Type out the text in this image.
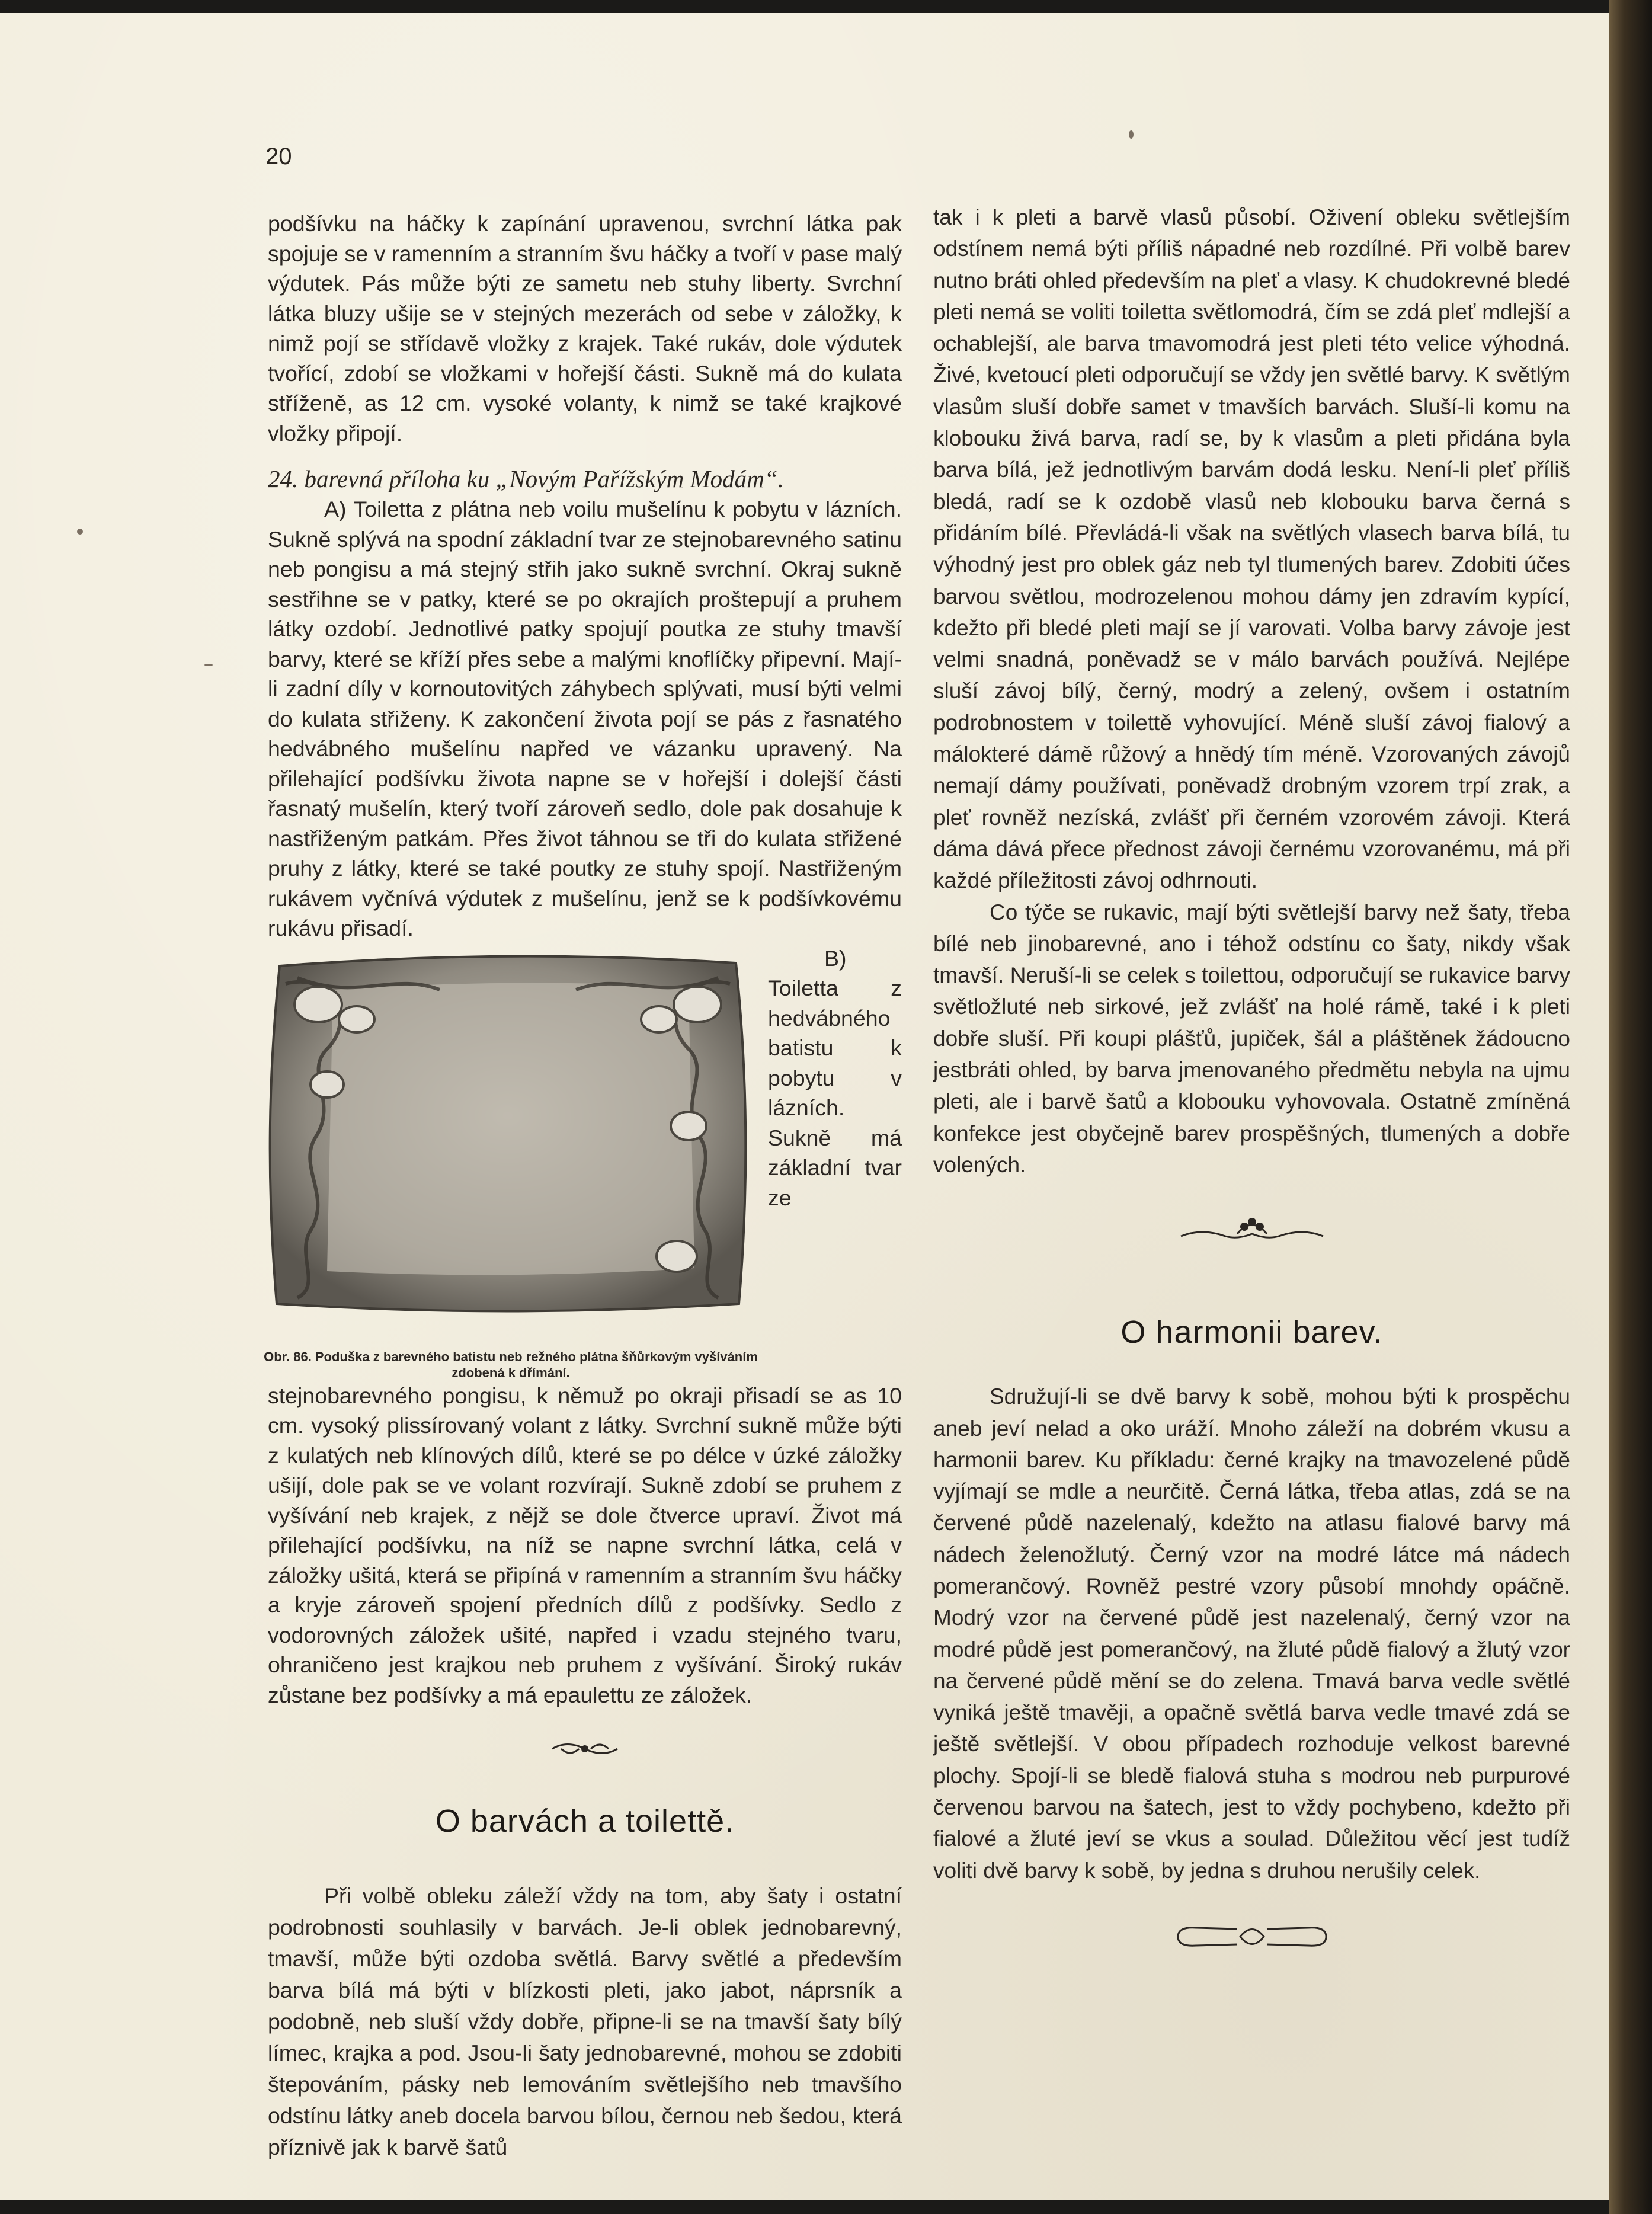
20

podšívku na háčky k zapínání upravenou, svrchní látka pak spojuje se v ramenním a stranním švu háčky a tvoří v pase malý výdutek. Pás může býti ze sametu neb stuhy liberty. Svrchní látka bluzy ušije se v stejných mezerách od sebe v záložky, k nimž pojí se střídavě vložky z krajek. Také rukáv, dole výdutek tvořící, zdobí se vložkami v hořejší části. Sukně má do kulata stříženě, as 12 cm. vysoké volanty, k nimž se také krajkové vložky připojí.

24. barevná příloha ku „Novým Pařížským Modám“.

A) Toiletta z plátna neb voilu mušelínu k pobytu v lázních. Sukně splývá na spodní základní tvar ze stejnobarevného satinu neb pongisu a má stejný střih jako sukně svrchní. Okraj sukně sestřihne se v patky, které se po okrajích proštepují a pruhem látky ozdobí. Jednotlivé patky spojují poutka ze stuhy tmavší barvy, které se kříží přes sebe a malými knoflíčky připevní. Mají-li zadní díly v kornoutovitých záhybech splývati, musí býti velmi do kulata střiženy. K zakončení života pojí se pás z řasnatého hedvábného mušelínu napřed ve vázanku upravený. Na přilehající podšívku života napne se v hořejší i dolejší části řasnatý mušelín, který tvoří zároveň sedlo, dole pak dosahuje k nastřiženým patkám. Přes život táhnou se tři do kulata střižené pruhy z látky, které se také poutky ze stuhy spojí. Nastřiženým rukávem vyčnívá výdutek z mušelínu, jenž se k podšívkovému rukávu přisadí.

Obr. 86. Poduška z barevného batistu neb režného plátna šňůrkovým vyšíváním zdobená k dřímání.

B) Toiletta z hedvábného batistu k pobytu v lázních. Sukně má základní tvar ze stejnobarevného pongisu, k němuž po okraji přisadí se as 10 cm. vysoký plissírovaný volant z látky. Svrchní sukně může býti z kulatých neb klínových dílů, které se po délce v úzké záložky ušijí, dole pak se ve volant rozvírají. Sukně zdobí se pruhem z vyšívání neb krajek, z nějž se dole čtverce upraví. Život má přilehající podšívku, na níž se napne svrchní látka, celá v záložky ušitá, která se připíná v ramenním a stranním švu háčky a kryje zároveň spojení předních dílů z podšívky. Sedlo z vodorovných záložek ušité, napřed i vzadu stejného tvaru, ohraničeno jest krajkou neb pruhem z vyšívání. Široký rukáv zůstane bez podšívky a má epaulettu ze záložek.

O barvách a toilettě.

Při volbě obleku záleží vždy na tom, aby šaty i ostatní podrobnosti souhlasily v barvách. Je-li oblek jednobarevný, tmavší, může býti ozdoba světlá. Barvy světlé a především barva bílá má býti v blízkosti pleti, jako jabot, náprsník a podobně, neb sluší vždy dobře, připne-li se na tmavší šaty bílý límec, krajka a pod. Jsou-li šaty jednobarevné, mohou se zdobiti štepováním, pásky neb lemováním světlejšího neb tmavšího odstínu látky aneb docela barvou bílou, černou neb šedou, která příznivě jak k barvě šatů

tak i k pleti a barvě vlasů působí. Oživení obleku světlejším odstínem nemá býti příliš nápadné neb rozdílné. Při volbě barev nutno bráti ohled především na pleť a vlasy. K chudokrevné bledé pleti nemá se voliti toiletta světlomodrá, čím se zdá pleť mdlejší a ochablejší, ale barva tmavomodrá jest pleti této velice výhodná. Živé, kvetoucí pleti odporučují se vždy jen světlé barvy. K světlým vlasům sluší dobře samet v tmavších barvách. Sluší-li komu na klobouku živá barva, radí se, by k vlasům a pleti přidána byla barva bílá, jež jednotlivým barvám dodá lesku. Není-li pleť příliš bledá, radí se k ozdobě vlasů neb klobouku barva černá s přidáním bílé. Převládá-li však na světlých vlasech barva bílá, tu výhodný jest pro oblek gáz neb tyl tlumených barev. Zdobiti účes barvou světlou, modrozelenou mohou dámy jen zdravím kypící, kdežto při bledé pleti mají se jí varovati. Volba barvy závoje jest velmi snadná, poněvadž se v málo barvách používá. Nejlépe sluší závoj bílý, černý, modrý a zelený, ovšem i ostatním podrobnostem v toilettě vyhovující. Méně sluší závoj fialový a málokteré dámě růžový a hnědý tím méně. Vzorovaných závojů nemají dámy používati, poněvadž drobným vzorem trpí zrak, a pleť rovněž nezíská, zvlášť při černém vzorovém závoji. Která dáma dává přece přednost závoji černému vzorovanému, má při každé příležitosti závoj odhrnouti.

Co týče se rukavic, mají býti světlejší barvy než šaty, třeba bílé neb jinobarevné, ano i téhož odstínu co šaty, nikdy však tmavší. Neruší-li se celek s toilettou, odporučují se rukavice barvy světložluté neb sirkové, jež zvlášť na holé rámě, také i k pleti dobře sluší. Při koupi plášťů, jupiček, šál a pláštěnek žádoucno jestbráti ohled, by barva jmenovaného předmětu nebyla na ujmu pleti, ale i barvě šatů a klobouku vyhovovala. Ostatně zmíněná konfekce jest obyčejně barev prospěšných, tlumených a dobře volených.

O harmonii barev.

Sdružují-li se dvě barvy k sobě, mohou býti k prospěchu aneb jeví nelad a oko uráží. Mnoho záleží na dobrém vkusu a harmonii barev. Ku příkladu: černé krajky na tmavozelené půdě vyjímají se mdle a neurčitě. Černá látka, třeba atlas, zdá se na červené půdě nazelenalý, kdežto na atlasu fialové barvy má nádech želenožlutý. Černý vzor na modré látce má nádech pomerančový. Rovněž pestré vzory působí mnohdy opáčně. Modrý vzor na červené půdě jest nazelenalý, černý vzor na modré půdě jest pomerančový, na žluté půdě fialový a žlutý vzor na červené půdě mění se do zelena. Tmavá barva vedle světlé vyniká ještě tmavěji, a opačně světlá barva vedle tmavé zdá se ještě světlejší. V obou případech rozhoduje velkost barevné plochy. Spojí-li se bledě fialová stuha s modrou neb purpurové červenou barvou na šatech, jest to vždy pochybeno, kdežto při fialové a žluté jeví se vkus a soulad. Důležitou věcí jest tudíž voliti dvě barvy k sobě, by jedna s druhou nerušily celek.
